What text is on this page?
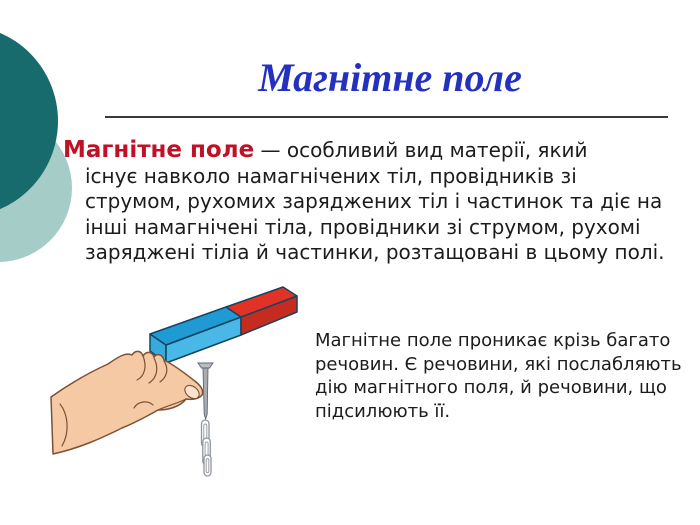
Магнітне поле
Магнітне поле — особливий вид матерії, який
існує навколо намагнічених тіл, провідників зі
струмом, рухомих заряджених тіл і частинок та діє на
інші намагнічені тіла, провідники зі струмом, рухомі
заряджені тіліа й частинки, розтащовані в цьому полі.
Магнітне поле проникає крізь багато
речовин. Є речовини, які послабляють
дію магнітного поля, й речовини, що
підсилюють її.
